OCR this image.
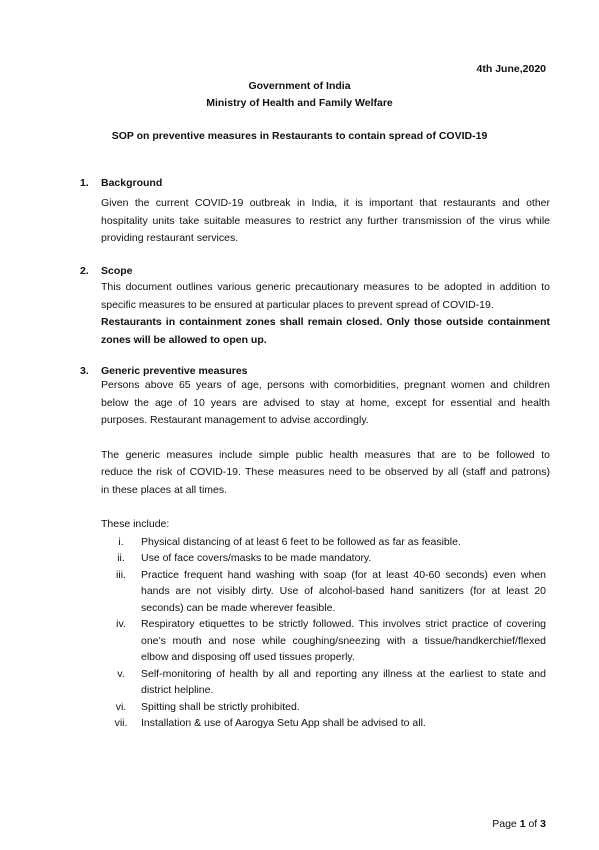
4th June,2020
Government of India
Ministry of Health and Family Welfare
SOP on preventive measures in Restaurants to contain spread of COVID-19
1.	Background
Given the current COVID-19 outbreak in India, it is important that restaurants and other
hospitality units take suitable measures to restrict any further transmission of the virus while
providing restaurant services.
2.	Scope
This document outlines various generic precautionary measures to be adopted in addition to
specific measures to be ensured at particular places to prevent spread of COVID-19.
Restaurants in containment zones shall remain closed. Only those outside containment
zones will be allowed to open up.
3.	Generic preventive measures
Persons above 65 years of age, persons with comorbidities, pregnant women and children
below the age of 10 years are advised to stay at home, except for essential and health
purposes. Restaurant management to advise accordingly.
The generic measures include simple public health measures that are to be followed to
reduce the risk of COVID-19. These measures need to be observed by all (staff and patrons)
in these places at all times.
These include:
i.	Physical distancing of at least 6 feet to be followed as far as feasible.
ii.	Use of face covers/masks to be made mandatory.
iii.	Practice frequent hand washing with soap (for at least 40-60 seconds) even when
hands are not visibly dirty. Use of alcohol-based hand sanitizers (for at least 20
seconds) can be made wherever feasible.
iv.	Respiratory etiquettes to be strictly followed. This involves strict practice of covering
one’s mouth and nose while coughing/sneezing with a tissue/handkerchief/flexed
elbow and disposing off used tissues properly.
v.	Self-monitoring of health by all and reporting any illness at the earliest to state and
district helpline.
vi.	Spitting shall be strictly prohibited.
vii.	Installation & use of Aarogya Setu App shall be advised to all.
Page 1 of 3
